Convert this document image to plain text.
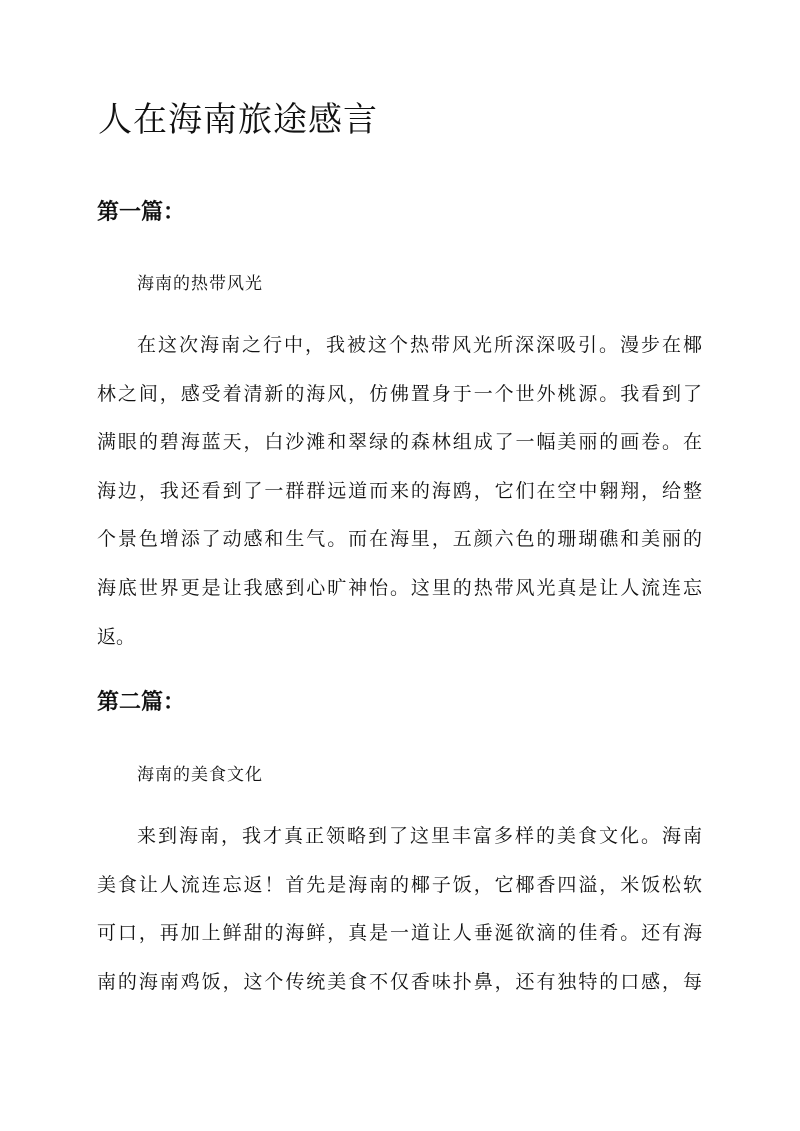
人在海南旅途感言
第一篇：

海南的热带风光

在这次海南之行中，我被这个热带风光所深深吸引。漫步在椰
林之间，感受着清新的海风，仿佛置身于一个世外桃源。我看到了
满眼的碧海蓝天，白沙滩和翠绿的森林组成了一幅美丽的画卷。在
海边，我还看到了一群群远道而来的海鸥，它们在空中翱翔，给整
个景色增添了动感和生气。而在海里，五颜六色的珊瑚礁和美丽的
海底世界更是让我感到心旷神怡。这里的热带风光真是让人流连忘
返。
第二篇：

海南的美食文化

来到海南，我才真正领略到了这里丰富多样的美食文化。海南
美食让人流连忘返！首先是海南的椰子饭，它椰香四溢，米饭松软
可口，再加上鲜甜的海鲜，真是一道让人垂涎欲滴的佳肴。还有海
南的海南鸡饭，这个传统美食不仅香味扑鼻，还有独特的口感，每
